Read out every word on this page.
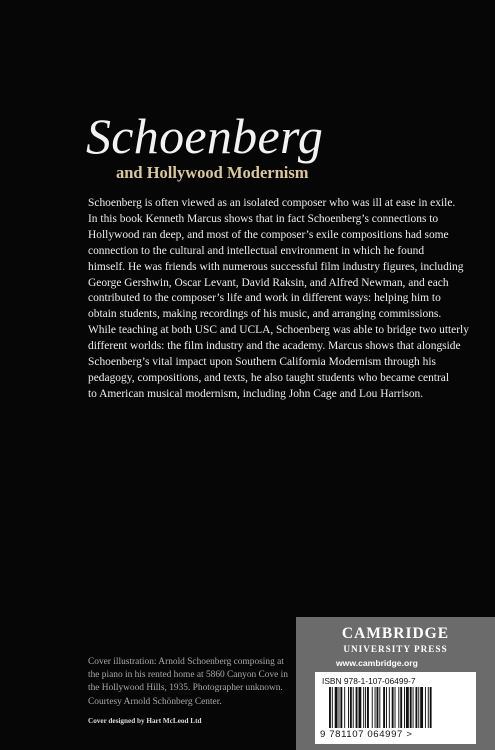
Schoenberg
and Hollywood Modernism

Schoenberg is often viewed as an isolated composer who was ill at ease in exile.
In this book Kenneth Marcus shows that in fact Schoenberg’s connections to
Hollywood ran deep, and most of the composer’s exile compositions had some
connection to the cultural and intellectual environment in which he found
himself. He was friends with numerous successful film industry figures, including
George Gershwin, Oscar Levant, David Raksin, and Alfred Newman, and each
contributed to the composer’s life and work in different ways: helping him to
obtain students, making recordings of his music, and arranging commissions.
While teaching at both USC and UCLA, Schoenberg was able to bridge two utterly
different worlds: the film industry and the academy. Marcus shows that alongside
Schoenberg’s vital impact upon Southern California Modernism through his
pedagogy, compositions, and texts, he also taught students who became central
to American musical modernism, including John Cage and Lou Harrison.

Cover illustration: Arnold Schoenberg composing at
the piano in his rented home at 5860 Canyon Cove in
the Hollywood Hills, 1935. Photographer unknown.
Courtesy Arnold Schönberg Center.

Cover designed by Hart McLeod Ltd
CAMBRIDGE
UNIVERSITY PRESS
www.cambridge.org
ISBN 978-1-107-06499-7
9 781107 064997 >
